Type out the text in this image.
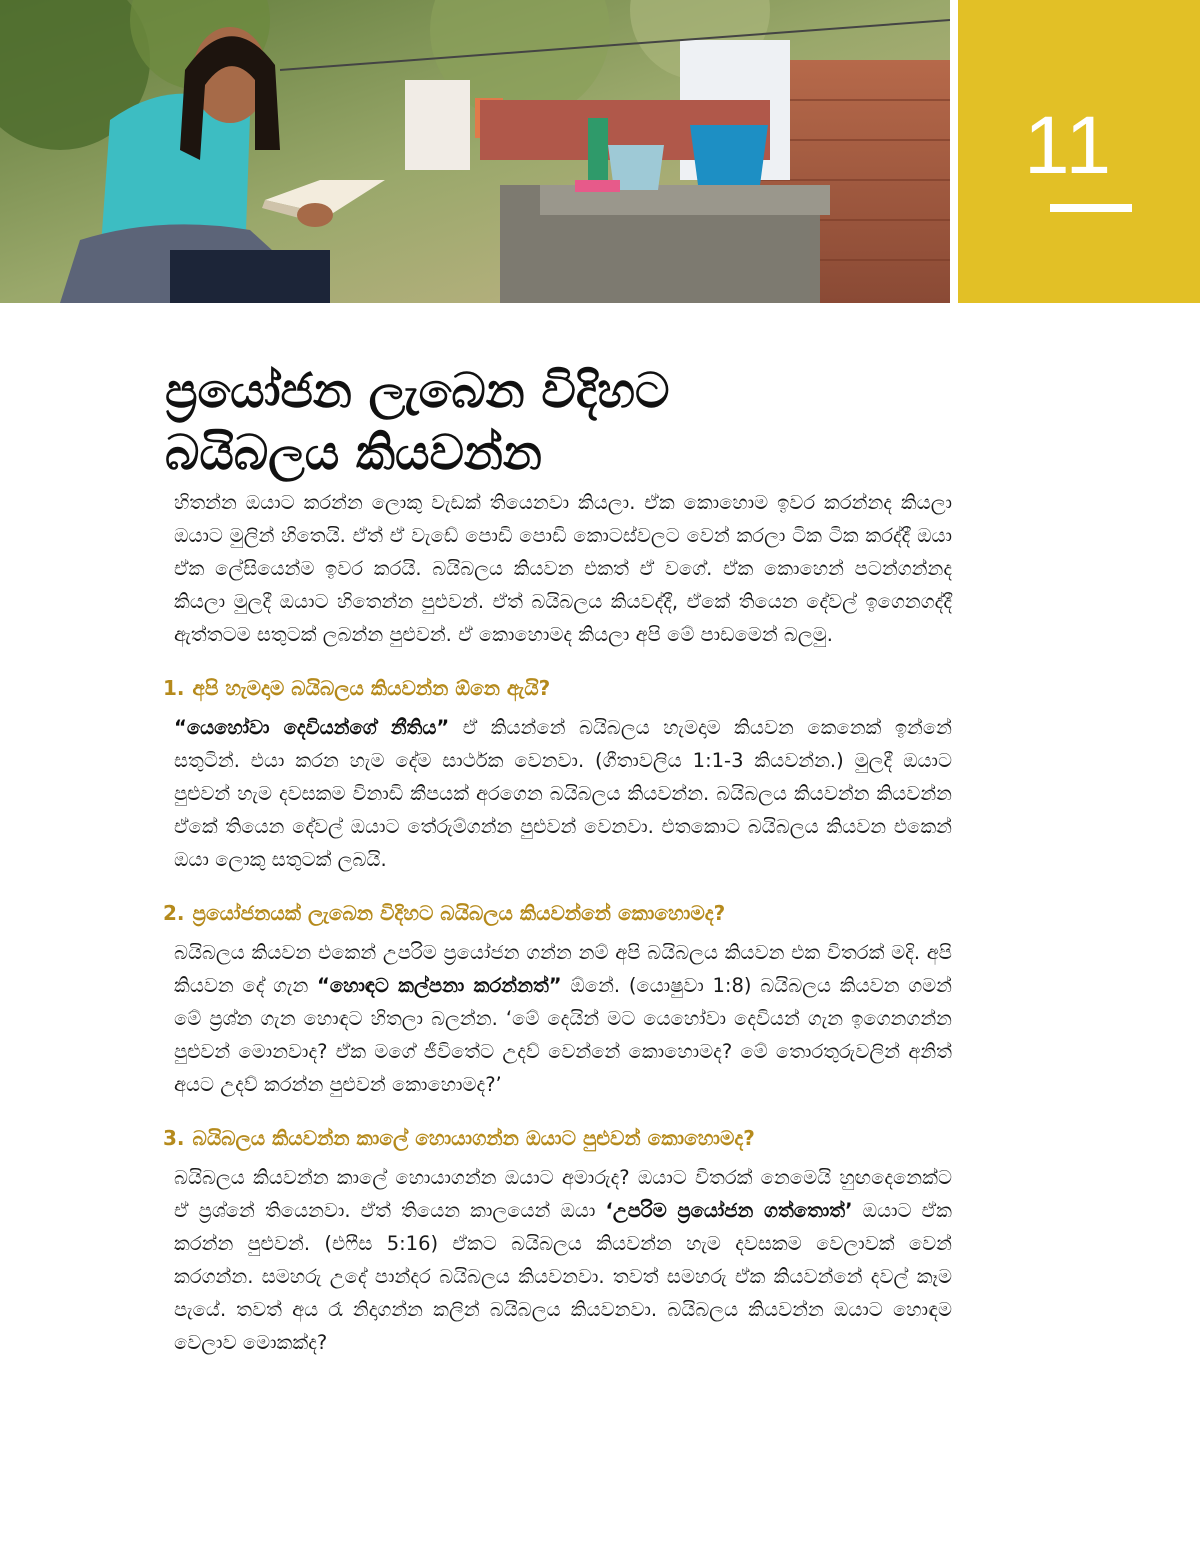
11
ප්‍රයෝජන ලැබෙන විදිහට
බයිබලය කියවන්න

හිතන්න ඔයාට කරන්න ලොකු වැඩක් තියෙනවා කියලා. ඒක කොහොම ඉවර කරන්නද කියලා ඔයාට මුලින් හිතෙයි. ඒත් ඒ වැඩේ පොඩි පොඩි කොටස්වලට වෙන් කරලා ටික ටික කරද්දී ඔයා ඒක ලේසියෙන්ම ඉවර කරයි. බයිබලය කියවන එකත් ඒ වගේ. ඒක කොහෙන් පටන්ගන්නද කියලා මුලදී ඔයාට හිතෙන්න පුළුවන්. ඒත් බයිබලය කියවද්දී, ඒකේ තියෙන දේවල් ඉගෙනගද්දී ඇත්තටම සතුටක් ලබන්න පුළුවන්. ඒ කොහොමද කියලා අපි මේ පාඩමෙන් බලමු.

1. අපි හැමදාම බයිබලය කියවන්න ඕනෙ ඇයි?

“යෙහෝවා දෙවියන්ගේ නීතිය” ඒ කියන්නේ බයිබලය හැමදාම කියවන කෙනෙක් ඉන්නේ සතුටින්. එයා කරන හැම දේම සාර්ථක වෙනවා. (ගීතාවලිය 1:1-3 කියවන්න.) මුලදී ඔයාට පුළුවන් හැම දවසකම විනාඩි කීපයක් අරගෙන බයිබලය කියවන්න. බයිබලය කියවන්න කියවන්න ඒකේ තියෙන දේවල් ඔයාට තේරුම්ගන්න පුළුවන් වෙනවා. එතකොට බයිබලය කියවන එකෙන් ඔයා ලොකු සතුටක් ලබයි.

2. ප්‍රයෝජනයක් ලැබෙන විදිහට බයිබලය කියවන්නේ කොහොමද?

බයිබලය කියවන එකෙන් උපරිම ප්‍රයෝජන ගන්න නම් අපි බයිබලය කියවන එක විතරක් මදි. අපි කියවන දේ ගැන “හොඳට කල්පනා කරන්නත්” ඕනේ. (යොෂුවා 1:8) බයිබලය කියවන ගමන් මේ ප්‍රශ්න ගැන හොඳට හිතලා බලන්න. ‘මේ දෙයින් මට යෙහෝවා දෙවියන් ගැන ඉගෙනගන්න පුළුවන් මොනවාද? ඒක මගේ ජීවිතේට උදව් වෙන්නේ කොහොමද? මේ තොරතුරුවලින් අනිත් අයට උදව් කරන්න පුළුවන් කොහොමද?’

3. බයිබලය කියවන්න කාලේ හොයාගන්න ඔයාට පුළුවන් කොහොමද?

බයිබලය කියවන්න කාලේ හොයාගන්න ඔයාට අමාරුද? ඔයාට විතරක් නෙමෙයි හුඟදෙනෙක්ට ඒ ප්‍රශ්නේ තියෙනවා. ඒත් තියෙන කාලයෙන් ඔයා ‘උපරිම ප්‍රයෝජන ගත්තොත්’ ඔයාට ඒක කරන්න පුළුවන්. (එෆීස 5:16) ඒකට බයිබලය කියවන්න හැම දවසකම වෙලාවක් වෙන් කරගන්න. සමහරු උදේ පාන්දර බයිබලය කියවනවා. තවත් සමහරු ඒක කියවන්නේ දවල් කෑම පැයේ. තවත් අය රෑ නිදාගන්න කලින් බයිබලය කියවනවා. බයිබලය කියවන්න ඔයාට හොඳම වෙලාව මොකක්ද?
